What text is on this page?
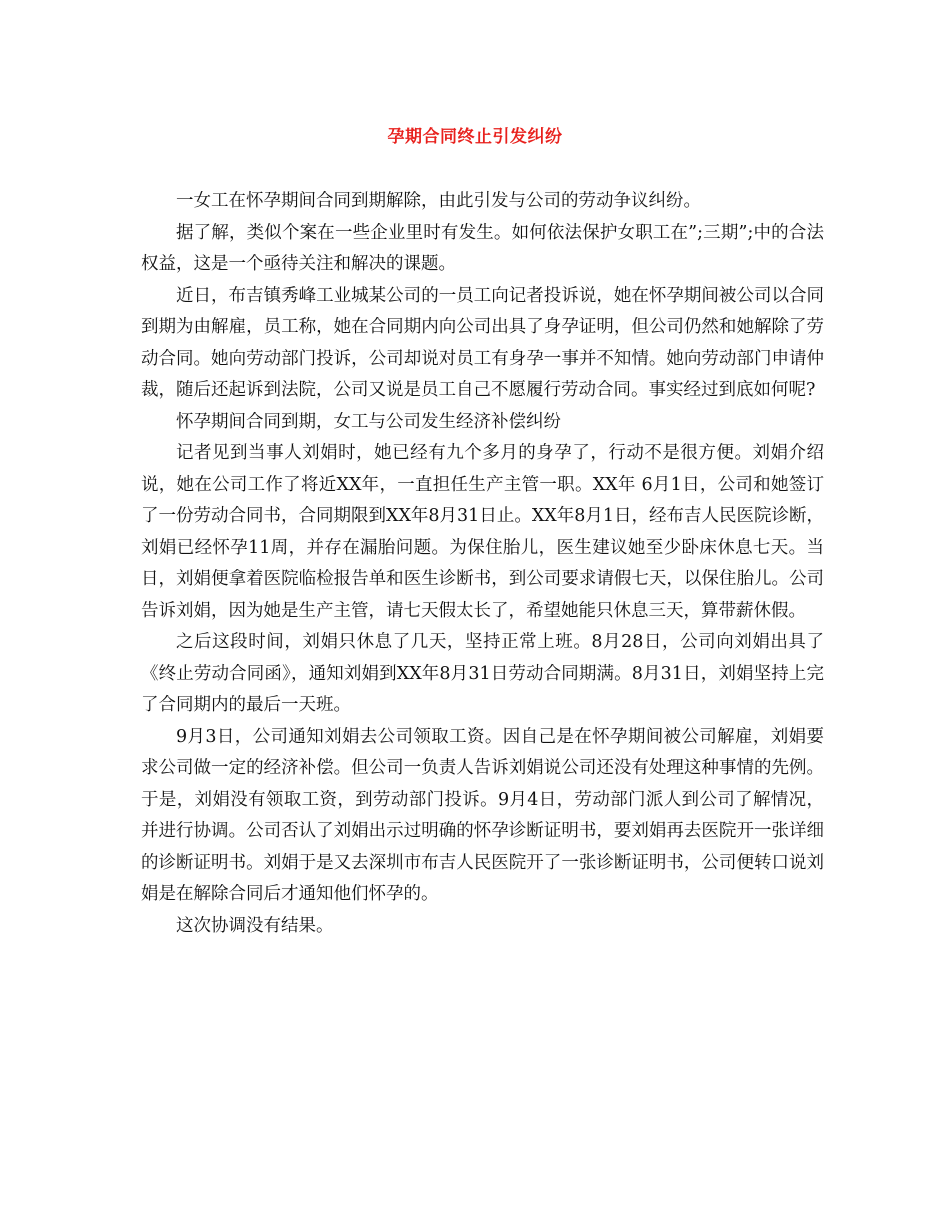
孕期合同终止引发纠纷

一女工在怀孕期间合同到期解除，由此引发与公司的劳动争议纠纷。

据了解，类似个案在一些企业里时有发生。如何依法保护女职工在”;三期”;中的合法权益，这是一个亟待关注和解决的课题。

近日，布吉镇秀峰工业城某公司的一员工向记者投诉说，她在怀孕期间被公司以合同到期为由解雇，员工称，她在合同期内向公司出具了身孕证明，但公司仍然和她解除了劳动合同。她向劳动部门投诉，公司却说对员工有身孕一事并不知情。她向劳动部门申请仲裁，随后还起诉到法院，公司又说是员工自己不愿履行劳动合同。事实经过到底如何呢?

怀孕期间合同到期，女工与公司发生经济补偿纠纷

记者见到当事人刘娟时，她已经有九个多月的身孕了，行动不是很方便。刘娟介绍说，她在公司工作了将近XX年，一直担任生产主管一职。XX年 6月1日，公司和她签订了一份劳动合同书，合同期限到XX年8月31日止。XX年8月1日，经布吉人民医院诊断，刘娟已经怀孕11周，并存在漏胎问题。为保住胎儿，医生建议她至少卧床休息七天。当日，刘娟便拿着医院临检报告单和医生诊断书，到公司要求请假七天，以保住胎儿。公司告诉刘娟，因为她是生产主管，请七天假太长了，希望她能只休息三天，算带薪休假。

之后这段时间，刘娟只休息了几天，坚持正常上班。8月28日，公司向刘娟出具了《终止劳动合同函》，通知刘娟到XX年8月31日劳动合同期满。8月31日，刘娟坚持上完了合同期内的最后一天班。

9月3日，公司通知刘娟去公司领取工资。因自己是在怀孕期间被公司解雇，刘娟要求公司做一定的经济补偿。但公司一负责人告诉刘娟说公司还没有处理这种事情的先例。于是，刘娟没有领取工资，到劳动部门投诉。9月4日，劳动部门派人到公司了解情况，并进行协调。公司否认了刘娟出示过明确的怀孕诊断证明书，要刘娟再去医院开一张详细的诊断证明书。刘娟于是又去深圳市布吉人民医院开了一张诊断证明书，公司便转口说刘娟是在解除合同后才通知他们怀孕的。

这次协调没有结果。
